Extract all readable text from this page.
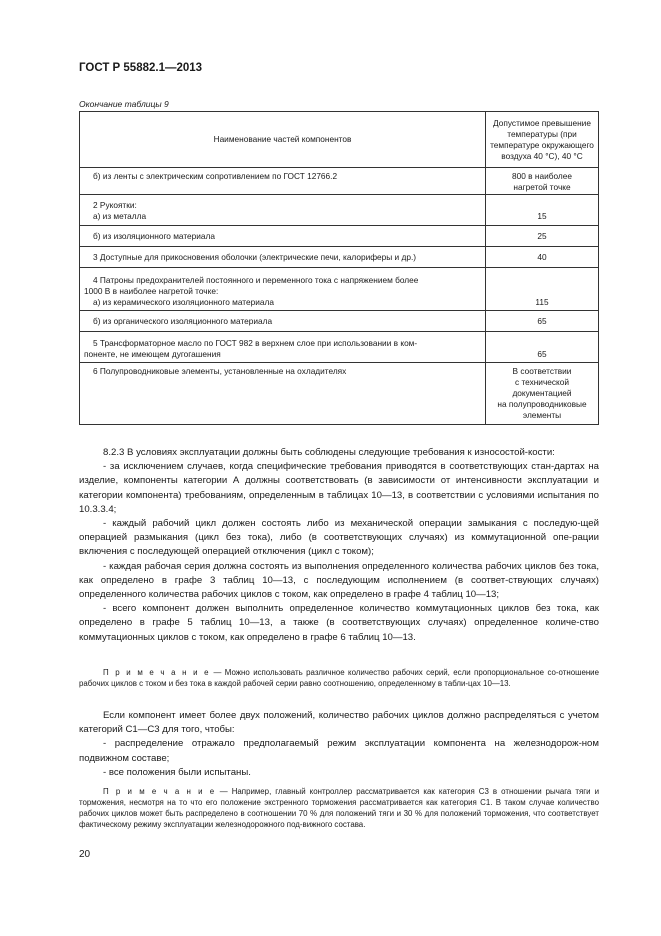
ГОСТ Р 55882.1—2013
Окончание таблицы 9
Наименование частей компонентов	Допустимое превышение
температуры (при
температуре окружающего
воздуха 40 °С), 40 °С

б) из ленты с электрическим сопротивлением по ГОСТ 12766.2	800 в наиболее
нагретой точке

2 Рукоятки:
а) из металла	15

б) из изоляционного материала	25

3 Доступные для прикосновения оболочки (электрические печи, калориферы и др.)	40

4 Патроны предохранителей постоянного и переменного тока с напряжением более
1000 В в наиболее нагретой точке:
а) из керамического изоляционного материала	115

б) из органического изоляционного материала	65

5 Трансформаторное масло по ГОСТ 982 в верхнем слое при использовании в ком-
поненте, не имеющем дугогашения	65

6 Полупроводниковые элементы, установленные на охладителях	В соответствии
с технической
документацией
на полупроводниковые
элементы

8.2.3 В условиях эксплуатации должны быть соблюдены следующие требования к износостой-кости:

- за исключением случаев, когда специфические требования приводятся в соответствующих стан-дартах на изделие, компоненты категории А должны соответствовать (в зависимости от интенсивности эксплуатации и категории компонента) требованиям, определенным в таблицах 10—13, в соответствии с условиями испытания по 10.3.3.4;

- каждый рабочий цикл должен состоять либо из механической операции замыкания с последую-щей операцией размыкания (цикл без тока), либо (в соответствующих случаях) из коммутационной опе-рации включения с последующей операцией отключения (цикл с током);

- каждая рабочая серия должна состоять из выполнения определенного количества рабочих циклов без тока, как определено в графе 3 таблиц 10—13, с последующим исполнением (в соответ-ствующих случаях) определенного количества рабочих циклов с током, как определено в графе 4 таблиц 10—13;

- всего компонент должен выполнить определенное количество коммутационных циклов без тока, как определено в графе 5 таблиц 10—13, а также (в соответствующих случаях) определенное количе-ство коммутационных циклов с током, как определено в графе 6 таблиц 10—13.

П р и м е ч а н и е — Можно использовать различное количество рабочих серий, если пропорциональное со-отношение рабочих циклов с током и без тока в каждой рабочей серии равно соотношению, определенному в табли-цах 10—13.

Если компонент имеет более двух положений, количество рабочих циклов должно распределяться с учетом категорий С1—С3 для того, чтобы:

- распределение отражало предполагаемый режим эксплуатации компонента на железнодорож-ном подвижном составе;

- все положения были испытаны.

П р и м е ч а н и е — Например, главный контроллер рассматривается как категория С3 в отношении рычага тяги и торможения, несмотря на то что его положение экстренного торможения рассматривается как категория С1. В таком случае количество рабочих циклов может быть распределено в соотношении 70 % для положений тяги и 30 % для положений торможения, что соответствует фактическому режиму эксплуатации железнодорожного под-вижного состава.

20
